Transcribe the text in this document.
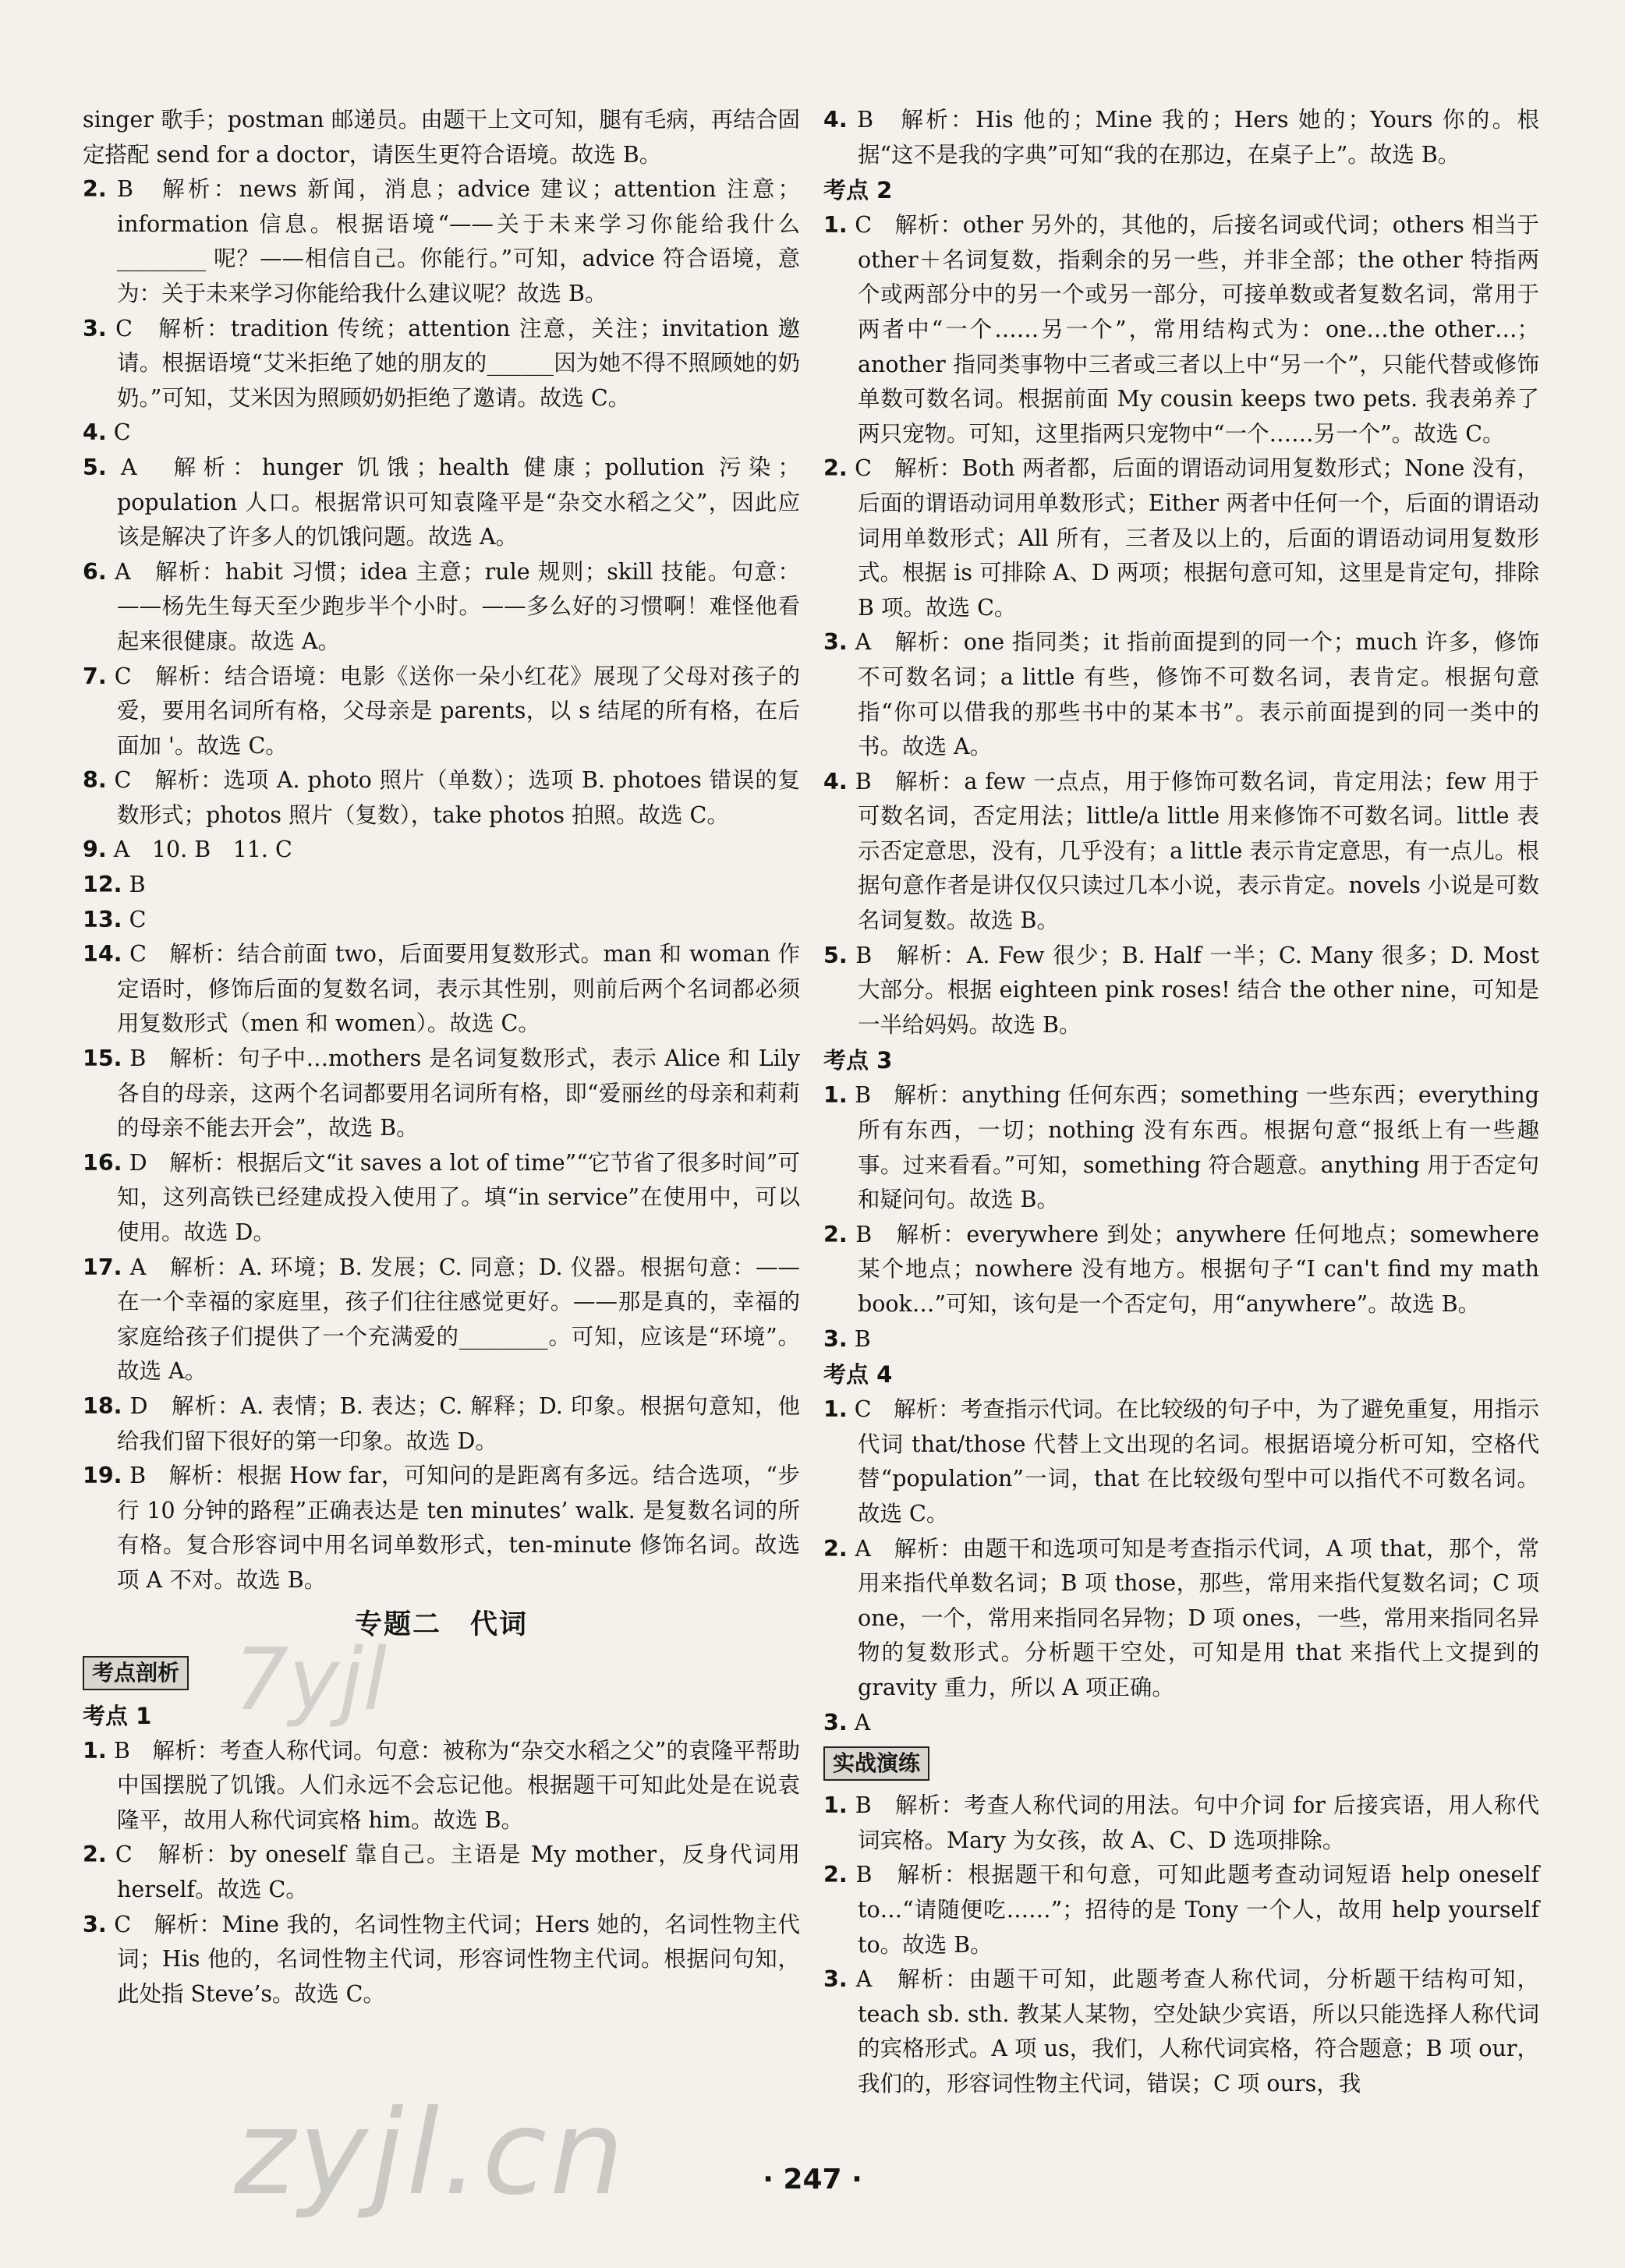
singer 歌手；postman 邮递员。由题干上文可知，腿有毛病，再结合固定搭配 send for a doctor，请医生更符合语境。故选 B。

2. B　解析：news 新闻，消息；advice 建议；attention 注意；information 信息。根据语境“——关于未来学习你能给我什么________ 呢？——相信自己。你能行。”可知，advice 符合语境，意为：关于未来学习你能给我什么建议呢？故选 B。

3. C　解析：tradition 传统；attention 注意，关注；invitation 邀请。根据语境“艾米拒绝了她的朋友的______因为她不得不照顾她的奶奶。”可知，艾米因为照顾奶奶拒绝了邀请。故选 C。

4. C

5. A　解析：hunger 饥饿；health 健康；pollution 污染；population 人口。根据常识可知袁隆平是“杂交水稻之父”，因此应该是解决了许多人的饥饿问题。故选 A。

6. A　解析：habit 习惯；idea 主意；rule 规则；skill 技能。句意：——杨先生每天至少跑步半个小时。——多么好的习惯啊！难怪他看起来很健康。故选 A。

7. C　解析：结合语境：电影《送你一朵小红花》展现了父母对孩子的爱，要用名词所有格，父母亲是 parents，以 s 结尾的所有格，在后面加 '。故选 C。

8. C　解析：选项 A. photo 照片（单数）；选项 B. photoes 错误的复数形式；photos 照片（复数），take photos 拍照。故选 C。

9. A　10. B　11. C

12. B

13. C

14. C　解析：结合前面 two，后面要用复数形式。man 和 woman 作定语时，修饰后面的复数名词，表示其性别，则前后两个名词都必须用复数形式（men 和 women）。故选 C。

15. B　解析：句子中…mothers 是名词复数形式，表示 Alice 和 Lily 各自的母亲，这两个名词都要用名词所有格，即“爱丽丝的母亲和莉莉的母亲不能去开会”，故选 B。

16. D　解析：根据后文“it saves a lot of time”“它节省了很多时间”可知，这列高铁已经建成投入使用了。填“in service”在使用中，可以使用。故选 D。

17. A　解析：A. 环境；B. 发展；C. 同意；D. 仪器。根据句意：——在一个幸福的家庭里，孩子们往往感觉更好。——那是真的，幸福的家庭给孩子们提供了一个充满爱的________。可知，应该是“环境”。故选 A。

18. D　解析：A. 表情；B. 表达；C. 解释；D. 印象。根据句意知，他给我们留下很好的第一印象。故选 D。

19. B　解析：根据 How far，可知问的是距离有多远。结合选项，“步行 10 分钟的路程”正确表达是 ten minutes’ walk. 是复数名词的所有格。复合形容词中用名词单数形式，ten-minute 修饰名词。故选项 A 不对。故选 B。

专题二　代词

考点剖析

考点 1

1. B　解析：考查人称代词。句意：被称为“杂交水稻之父”的袁隆平帮助中国摆脱了饥饿。人们永远不会忘记他。根据题干可知此处是在说袁隆平，故用人称代词宾格 him。故选 B。

2. C　解析：by oneself 靠自己。主语是 My mother，反身代词用 herself。故选 C。

3. C　解析：Mine 我的，名词性物主代词；Hers 她的，名词性物主代词；His 他的，名词性物主代词，形容词性物主代词。根据问句知，此处指 Steve’s。故选 C。

4. B　解析：His 他的；Mine 我的；Hers 她的；Yours 你的。根据“这不是我的字典”可知“我的在那边，在桌子上”。故选 B。

考点 2

1. C　解析：other 另外的，其他的，后接名词或代词；others 相当于 other＋名词复数，指剩余的另一些，并非全部；the other 特指两个或两部分中的另一个或另一部分，可接单数或者复数名词，常用于两者中“一个……另一个”，常用结构式为：one…the other…；another 指同类事物中三者或三者以上中“另一个”，只能代替或修饰单数可数名词。根据前面 My cousin keeps two pets. 我表弟养了两只宠物。可知，这里指两只宠物中“一个……另一个”。故选 C。

2. C　解析：Both 两者都，后面的谓语动词用复数形式；None 没有，后面的谓语动词用单数形式；Either 两者中任何一个，后面的谓语动词用单数形式；All 所有，三者及以上的，后面的谓语动词用复数形式。根据 is 可排除 A、D 两项；根据句意可知，这里是肯定句，排除 B 项。故选 C。

3. A　解析：one 指同类；it 指前面提到的同一个；much 许多，修饰不可数名词；a little 有些，修饰不可数名词，表肯定。根据句意指“你可以借我的那些书中的某本书”。表示前面提到的同一类中的书。故选 A。

4. B　解析：a few 一点点，用于修饰可数名词，肯定用法；few 用于可数名词，否定用法；little/a little 用来修饰不可数名词。little 表示否定意思，没有，几乎没有；a little 表示肯定意思，有一点儿。根据句意作者是讲仅仅只读过几本小说，表示肯定。novels 小说是可数名词复数。故选 B。

5. B　解析：A. Few 很少；B. Half 一半；C. Many 很多；D. Most 大部分。根据 eighteen pink roses! 结合 the other nine，可知是一半给妈妈。故选 B。

考点 3

1. B　解析：anything 任何东西；something 一些东西；everything 所有东西，一切；nothing 没有东西。根据句意“报纸上有一些趣事。过来看看。”可知，something 符合题意。anything 用于否定句和疑问句。故选 B。

2. B　解析：everywhere 到处；anywhere 任何地点；somewhere 某个地点；nowhere 没有地方。根据句子“I can't find my math book…”可知，该句是一个否定句，用“anywhere”。故选 B。

3. B

考点 4

1. C　解析：考查指示代词。在比较级的句子中，为了避免重复，用指示代词 that/those 代替上文出现的名词。根据语境分析可知，空格代替“population”一词，that 在比较级句型中可以指代不可数名词。故选 C。

2. A　解析：由题干和选项可知是考查指示代词，A 项 that，那个，常用来指代单数名词；B 项 those，那些，常用来指代复数名词；C 项 one，一个，常用来指同名异物；D 项 ones，一些，常用来指同名异物的复数形式。分析题干空处，可知是用 that 来指代上文提到的 gravity 重力，所以 A 项正确。

3. A

实战演练

1. B　解析：考查人称代词的用法。句中介词 for 后接宾语，用人称代词宾格。Mary 为女孩，故 A、C、D 选项排除。

2. B　解析：根据题干和句意，可知此题考查动词短语 help oneself to…“请随便吃……”；招待的是 Tony 一个人，故用 help yourself to。故选 B。

3. A　解析：由题干可知，此题考查人称代词，分析题干结构可知，teach sb. sth. 教某人某物，空处缺少宾语，所以只能选择人称代词的宾格形式。A 项 us，我们，人称代词宾格，符合题意；B 项 our，我们的，形容词性物主代词，错误；C 项 ours，我

7yjl
zyjl.cn	· 247 ·
